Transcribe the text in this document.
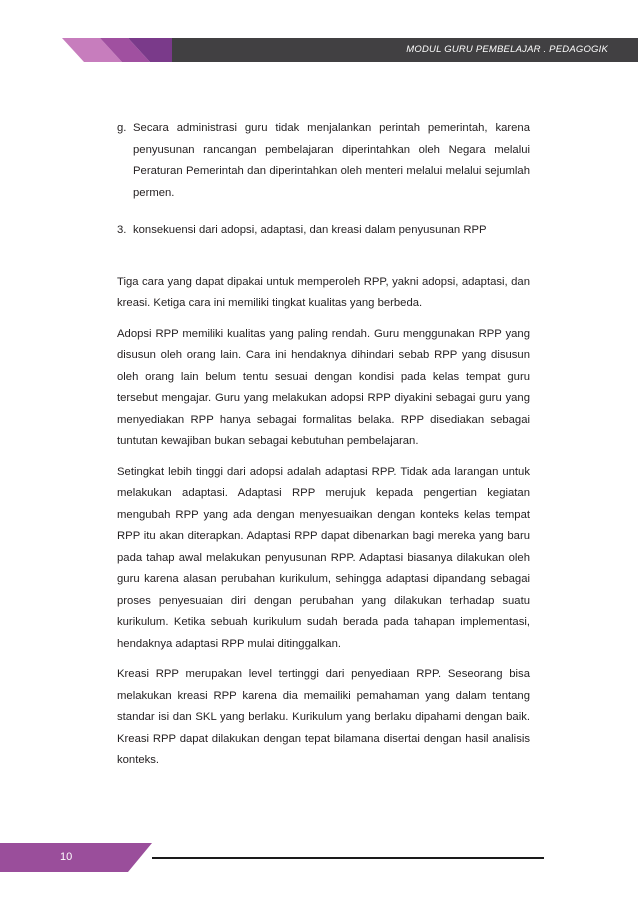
MODUL GURU PEMBELAJAR . PEDAGOGIK

g. Secara administrasi guru tidak menjalankan perintah pemerintah, karena penyusunan rancangan pembelajaran diperintahkan oleh Negara melalui Peraturan Pemerintah dan diperintahkan oleh menteri melalui melalui sejumlah permen.

3. konsekuensi dari adopsi, adaptasi, dan kreasi dalam penyusunan RPP

Tiga cara yang dapat dipakai untuk memperoleh RPP, yakni adopsi, adaptasi, dan kreasi. Ketiga cara ini memiliki tingkat kualitas yang berbeda.

Adopsi RPP memiliki kualitas yang paling rendah. Guru menggunakan RPP yang disusun oleh orang lain. Cara ini hendaknya dihindari sebab RPP yang disusun oleh orang lain belum tentu sesuai dengan kondisi pada kelas tempat guru tersebut mengajar. Guru yang melakukan adopsi RPP diyakini sebagai guru yang menyediakan RPP hanya sebagai formalitas belaka. RPP disediakan sebagai tuntutan kewajiban bukan sebagai kebutuhan pembelajaran.

Setingkat lebih tinggi dari adopsi adalah adaptasi RPP. Tidak ada larangan untuk melakukan adaptasi. Adaptasi RPP merujuk kepada pengertian kegiatan mengubah RPP yang ada dengan menyesuaikan dengan konteks kelas tempat RPP itu akan diterapkan. Adaptasi RPP dapat dibenarkan bagi mereka yang baru pada tahap awal melakukan penyusunan RPP. Adaptasi biasanya dilakukan oleh guru karena alasan perubahan kurikulum, sehingga adaptasi dipandang sebagai proses penyesuaian diri dengan perubahan yang dilakukan terhadap suatu kurikulum. Ketika sebuah kurikulum sudah berada pada tahapan implementasi, hendaknya adaptasi RPP mulai ditinggalkan.

Kreasi RPP merupakan level tertinggi dari penyediaan RPP. Seseorang bisa melakukan kreasi RPP karena dia memailiki pemahaman yang dalam tentang standar isi dan SKL yang berlaku. Kurikulum yang berlaku dipahami dengan baik. Kreasi RPP dapat dilakukan dengan tepat bilamana disertai dengan hasil analisis konteks.

10
